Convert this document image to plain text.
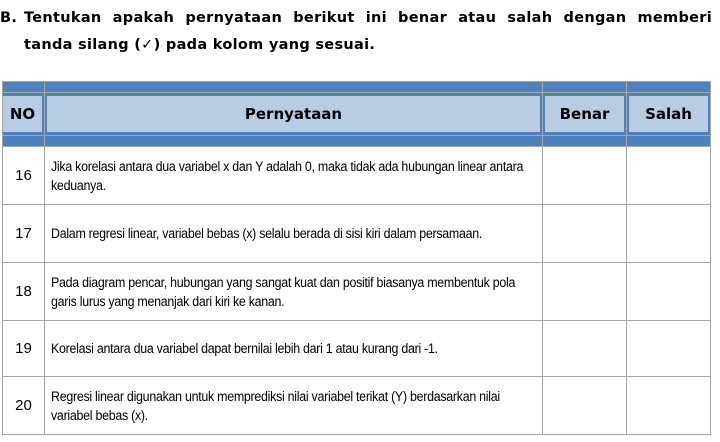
B. Tentukan apakah pernyataan berikut ini benar atau salah dengan memberi
tanda silang (✓) pada kolom yang sesuai.

NO	Pernyataan	Benar	Salah

16	Jika korelasi antara dua variabel x dan Y adalah 0, maka tidak ada hubungan linear antara keduanya.		
17	Dalam regresi linear, variabel bebas (x) selalu berada di sisi kiri dalam persamaan.		
18	Pada diagram pencar, hubungan yang sangat kuat dan positif biasanya membentuk pola garis lurus yang menanjak dari kiri ke kanan.		
19	Korelasi antara dua variabel dapat bernilai lebih dari 1 atau kurang dari -1.		
20	Regresi linear digunakan untuk memprediksi nilai variabel terikat (Y) berdasarkan nilai variabel bebas (x).		
